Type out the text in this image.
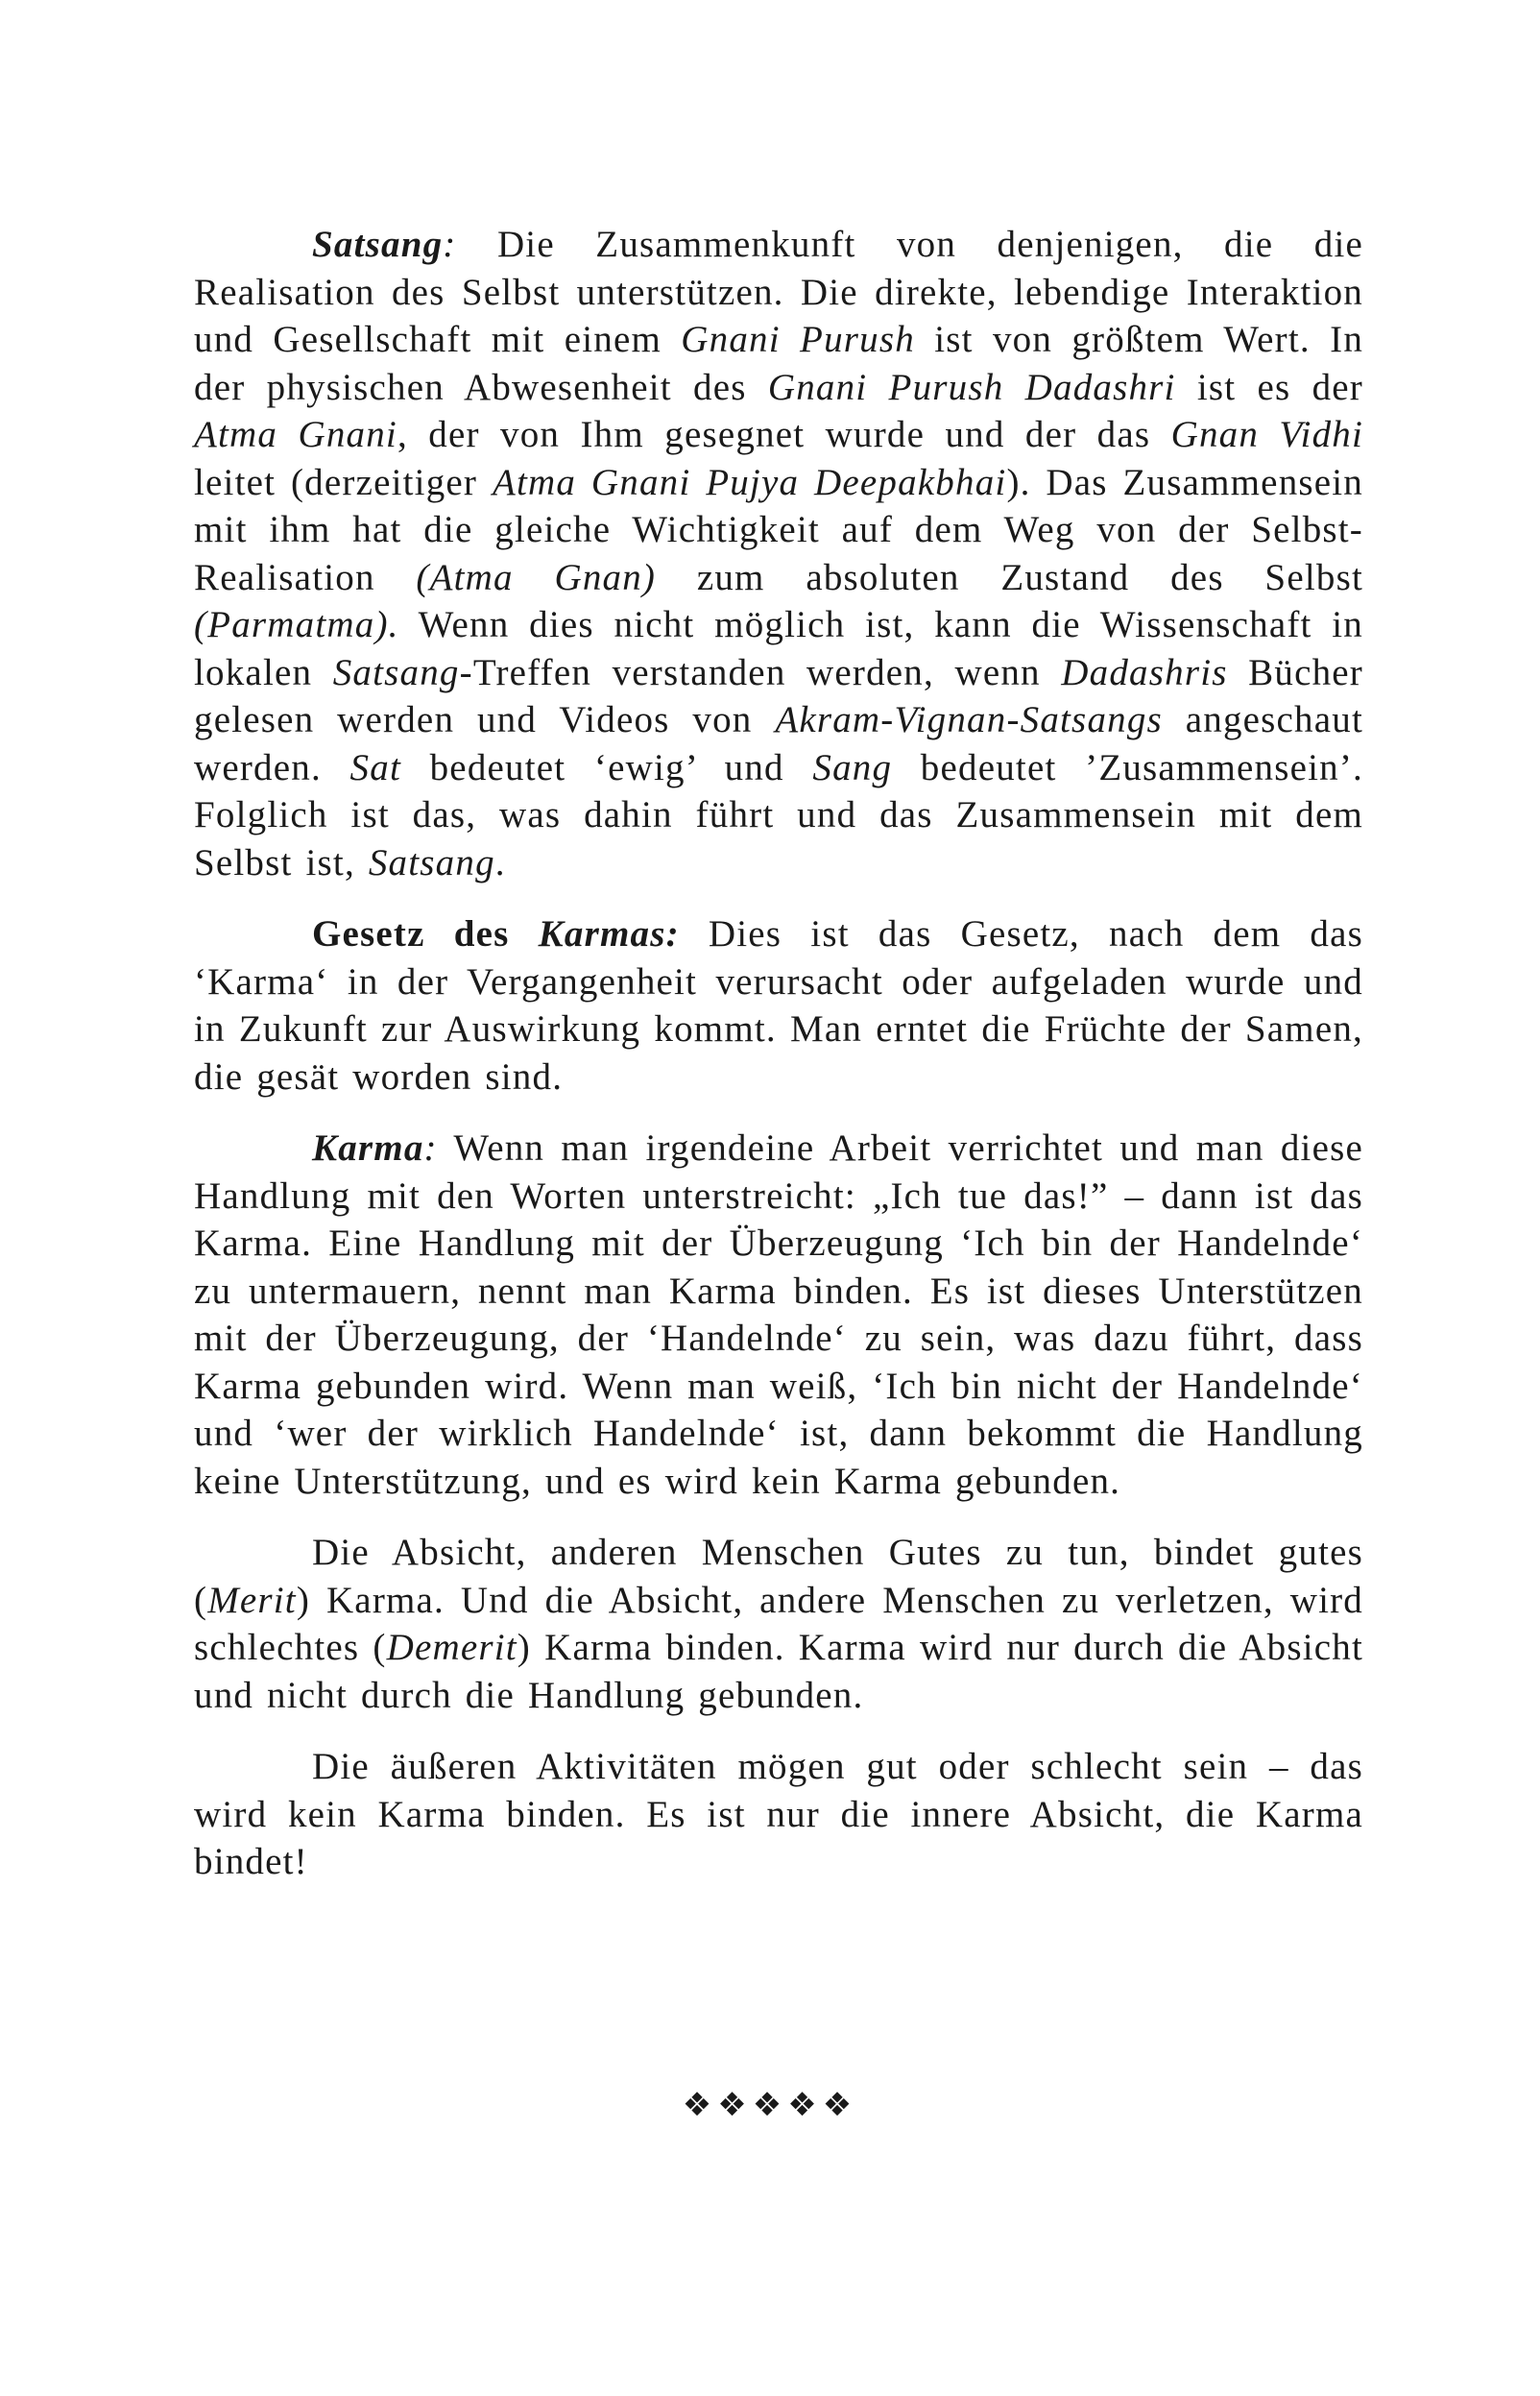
Satsang: Die Zusammenkunft von denjenigen, die die Realisation des Selbst unterstützen. Die direkte, lebendige Interaktion und Gesellschaft mit einem Gnani Purush ist von größtem Wert. In der physischen Abwesenheit des Gnani Purush Dadashri ist es der Atma Gnani, der von Ihm gesegnet wurde und der das Gnan Vidhi leitet (derzeitiger Atma Gnani Pujya Deepakbhai). Das Zusammensein mit ihm hat die gleiche Wichtigkeit auf dem Weg von der Selbst-Realisation (Atma Gnan) zum absoluten Zustand des Selbst (Parmatma). Wenn dies nicht möglich ist, kann die Wissenschaft in lokalen Satsang-Treffen verstanden werden, wenn Dadashris Bücher gelesen werden und Videos von Akram-Vignan-Satsangs angeschaut werden. Sat bedeutet ‘ewig’ und Sang bedeutet ’Zusammensein’. Folglich ist das, was dahin führt und das Zusammensein mit dem Selbst ist, Satsang.

Gesetz des Karmas: Dies ist das Gesetz, nach dem das ‘Karma‘ in der Vergangenheit verursacht oder aufgeladen wurde und in Zukunft zur Auswirkung kommt. Man erntet die Früchte der Samen, die gesät worden sind.

Karma: Wenn man irgendeine Arbeit verrichtet und man diese Handlung mit den Worten unterstreicht: „Ich tue das!” – dann ist das Karma. Eine Handlung mit der Überzeugung ‘Ich bin der Handelnde‘ zu untermauern, nennt man Karma binden. Es ist dieses Unterstützen mit der Überzeugung, der ‘Handelnde‘ zu sein, was dazu führt, dass Karma gebunden wird. Wenn man weiß, ‘Ich bin nicht der Handelnde‘ und ‘wer der wirklich Handelnde‘ ist, dann bekommt die Handlung keine Unterstützung, und es wird kein Karma gebunden.

Die Absicht, anderen Menschen Gutes zu tun, bindet gutes (Merit) Karma. Und die Absicht, andere Menschen zu verletzen, wird schlechtes (Demerit) Karma binden. Karma wird nur durch die Absicht und nicht durch die Handlung gebunden.

Die äußeren Aktivitäten mögen gut oder schlecht sein – das wird kein Karma binden. Es ist nur die innere Absicht, die Karma bindet!

❖❖❖❖❖
